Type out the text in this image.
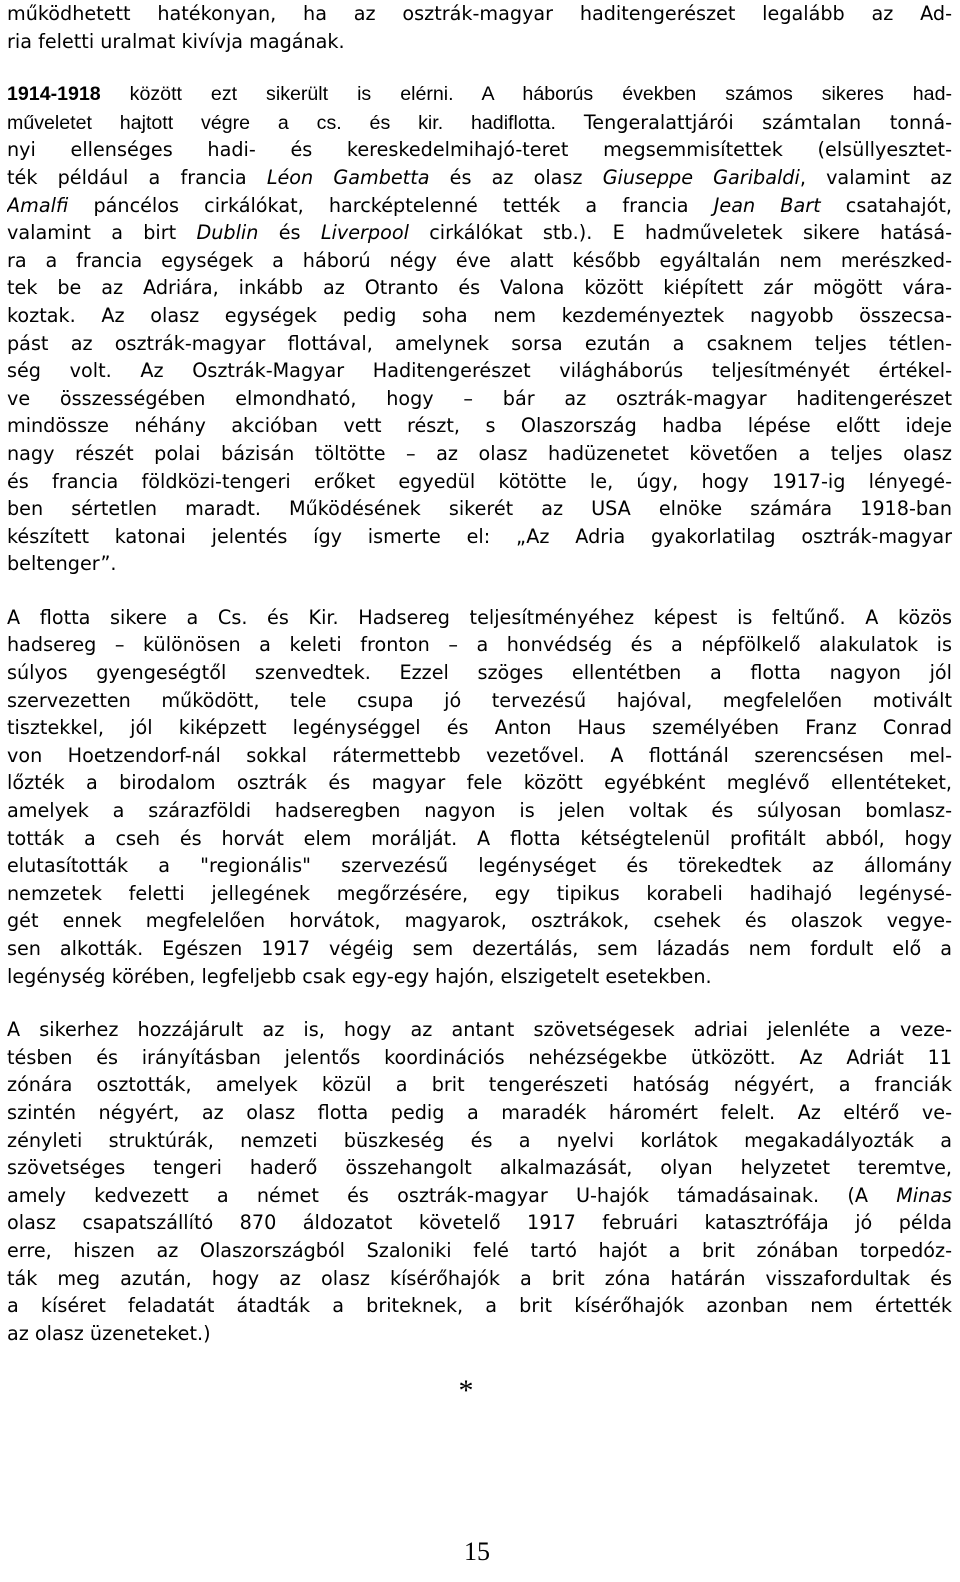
működhetett hatékonyan, ha az osztrák-magyar haditengerészet legalább az Ad-
ria feletti uralmat kivívja magának.
1914-1918 között ezt sikerült is elérni. A háborús években számos sikeres had-
műveletet hajtott végre a cs. és kir. hadiflotta. Tengeralattjárói számtalan tonná-
nyi ellenséges hadi- és kereskedelmihajó-teret megsemmisítettek (elsüllyesztet-
ték például a francia Léon Gambetta és az olasz Giuseppe Garibaldi, valamint az
Amalfi páncélos cirkálókat, harcképtelenné tették a francia Jean Bart csatahajót,
valamint a birt Dublin és Liverpool cirkálókat stb.). E hadműveletek sikere hatásá-
ra a francia egységek a háború négy éve alatt később egyáltalán nem merészked-
tek be az Adriára, inkább az Otranto és Valona között kiépített zár mögött vára-
koztak. Az olasz egységek pedig soha nem kezdeményeztek nagyobb összecsa-
pást az osztrák-magyar flottával, amelynek sorsa ezután a csaknem teljes tétlen-
ség volt. Az Osztrák-Magyar Haditengerészet világháborús teljesítményét értékel-
ve összességében elmondható, hogy – bár az osztrák-magyar haditengerészet
mindössze néhány akcióban vett részt, s Olaszország hadba lépése előtt ideje
nagy részét polai bázisán töltötte – az olasz hadüzenetet követően a teljes olasz
és francia földközi-tengeri erőket egyedül kötötte le, úgy, hogy 1917-ig lényegé-
ben sértetlen maradt. Működésének sikerét az USA elnöke számára 1918-ban
készített katonai jelentés így ismerte el: „Az Adria gyakorlatilag osztrák-magyar
beltenger”.
A flotta sikere a Cs. és Kir. Hadsereg teljesítményéhez képest is feltűnő. A közös
hadsereg – különösen a keleti fronton – a honvédség és a népfölkelő alakulatok is
súlyos gyengeségtől szenvedtek. Ezzel szöges ellentétben a flotta nagyon jól
szervezetten működött, tele csupa jó tervezésű hajóval, megfelelően motivált
tisztekkel, jól kiképzett legénységgel és Anton Haus személyében Franz Conrad
von Hoetzendorf-nál sokkal rátermettebb vezetővel. A flottánál szerencsésen mel-
lőzték a birodalom osztrák és magyar fele között egyébként meglévő ellentéteket,
amelyek a szárazföldi hadseregben nagyon is jelen voltak és súlyosan bomlasz-
tották a cseh és horvát elem morálját. A flotta kétségtelenül profitált abból, hogy
elutasították a "regionális" szervezésű legénységet és törekedtek az állomány
nemzetek feletti jellegének megőrzésére, egy tipikus korabeli hadihajó legénysé-
gét ennek megfelelően horvátok, magyarok, osztrákok, csehek és olaszok vegye-
sen alkották. Egészen 1917 végéig sem dezertálás, sem lázadás nem fordult elő a
legénység körében, legfeljebb csak egy-egy hajón, elszigetelt esetekben.
A sikerhez hozzájárult az is, hogy az antant szövetségesek adriai jelenléte a veze-
tésben és irányításban jelentős koordinációs nehézségekbe ütközött. Az Adriát 11
zónára osztották, amelyek közül a brit tengerészeti hatóság négyért, a franciák
szintén négyért, az olasz flotta pedig a maradék háromért felelt. Az eltérő ve-
zényleti struktúrák, nemzeti büszkeség és a nyelvi korlátok megakadályozták a
szövetséges tengeri haderő összehangolt alkalmazását, olyan helyzetet teremtve,
amely kedvezett a német és osztrák-magyar U-hajók támadásainak. (A Minas
olasz csapatszállító 870 áldozatot követelő 1917 februári katasztrófája jó példa
erre, hiszen az Olaszországból Szaloniki felé tartó hajót a brit zónában torpedóz-
ták meg azután, hogy az olasz kísérőhajók a brit zóna határán visszafordultak és
a kíséret feladatát átadták a briteknek, a brit kísérőhajók azonban nem értették
az olasz üzeneteket.)
*
15
